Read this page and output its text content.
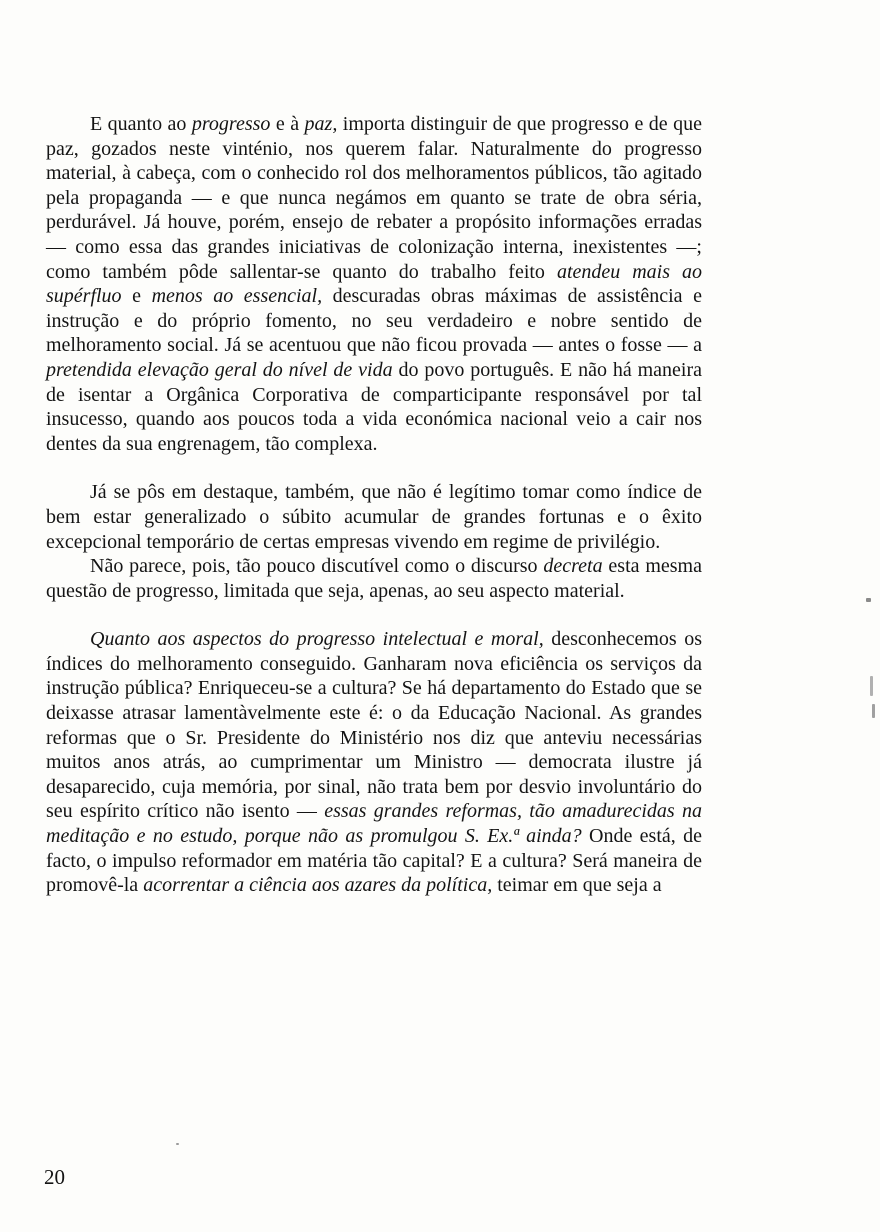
E quanto ao progresso e à paz, importa distinguir de que progresso e de que paz, gozados neste vinténio, nos querem falar. Naturalmente do progresso material, à cabeça, com o conhecido rol dos melhoramentos públicos, tão agitado pela propaganda — e que nunca negámos em quanto se trate de obra séria, perdurável. Já houve, porém, ensejo de rebater a propósito informações erradas — como essa das grandes iniciativas de colonização interna, inexistentes —; como também pôde sallentar-se quanto do trabalho feito atendeu mais ao supérfluo e menos ao essencial, descuradas obras máximas de assistência e instrução e do próprio fomento, no seu verdadeiro e nobre sentido de melhoramento social. Já se acentuou que não ficou provada — antes o fosse — a pretendida elevação geral do nível de vida do povo português. E não há maneira de isentar a Orgânica Corporativa de comparticipante responsável por tal insucesso, quando aos poucos toda a vida económica nacional veio a cair nos dentes da sua engrenagem, tão complexa.

Já se pôs em destaque, também, que não é legítimo tomar como índice de bem estar generalizado o súbito acumular de grandes fortunas e o êxito excepcional temporário de certas empresas vivendo em regime de privilégio.

Não parece, pois, tão pouco discutível como o discurso decreta esta mesma questão de progresso, limitada que seja, apenas, ao seu aspecto material.

Quanto aos aspectos do progresso intelectual e moral, desconhecemos os índices do melhoramento conseguido. Ganharam nova eficiência os serviços da instrução pública? Enriqueceu-se a cultura? Se há departamento do Estado que se deixasse atrasar lamentàvelmente este é: o da Educação Nacional. As grandes reformas que o Sr. Presidente do Ministério nos diz que anteviu necessárias muitos anos atrás, ao cumprimentar um Ministro — democrata ilustre já desaparecido, cuja memória, por sinal, não trata bem por desvio involuntário do seu espírito crítico não isento — essas grandes reformas, tão amadurecidas na meditação e no estudo, porque não as promulgou S. Ex.ª ainda? Onde está, de facto, o impulso reformador em matéria tão capital? E a cultura? Será maneira de promovê-la acorrentar a ciência aos azares da política, teimar em que seja a

20
